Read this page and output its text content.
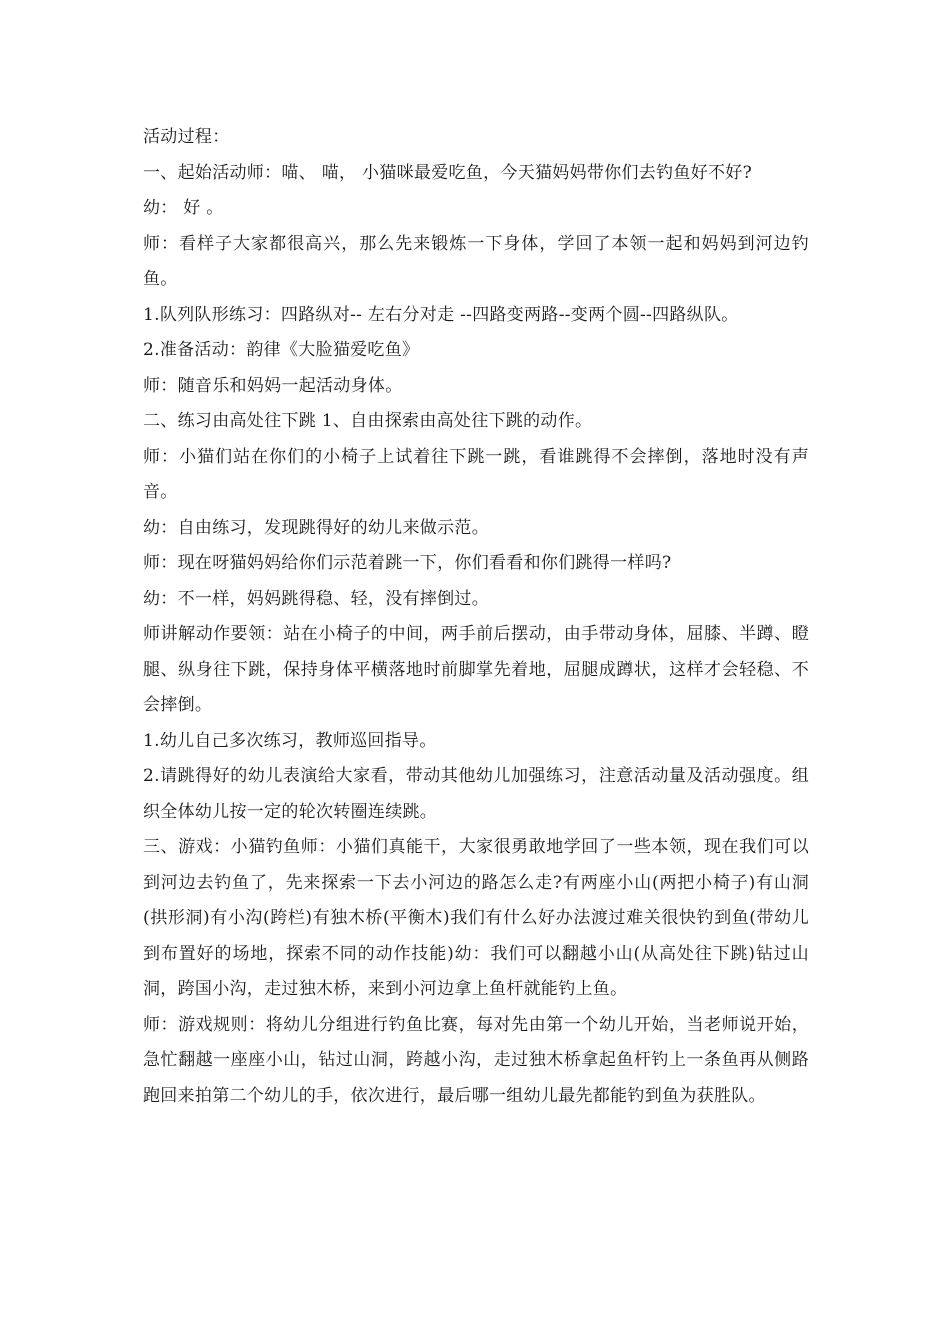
活动过程：

一、起始活动师：喵、 喵， 小猫咪最爱吃鱼，今天猫妈妈带你们去钓鱼好不好?

幼： 好 。

师：看样子大家都很高兴，那么先来锻炼一下身体，学回了本领一起和妈妈到河边钓鱼。

1.队列队形练习：四路纵对-- 左右分对走 --四路变两路--变两个圆--四路纵队。

2.准备活动：韵律《大脸猫爱吃鱼》

师：随音乐和妈妈一起活动身体。

二、练习由高处往下跳 1、自由探索由高处往下跳的动作。

师：小猫们站在你们的小椅子上试着往下跳一跳，看谁跳得不会摔倒，落地时没有声音。

幼：自由练习，发现跳得好的幼儿来做示范。

师：现在呀猫妈妈给你们示范着跳一下，你们看看和你们跳得一样吗?

幼：不一样，妈妈跳得稳、轻，没有摔倒过。

师讲解动作要领：站在小椅子的中间，两手前后摆动，由手带动身体，屈膝、半蹲、瞪腿、纵身往下跳，保持身体平横落地时前脚掌先着地，屈腿成蹲状，这样才会轻稳、不会摔倒。

1.幼儿自己多次练习，教师巡回指导。

2.请跳得好的幼儿表演给大家看，带动其他幼儿加强练习，注意活动量及活动强度。组织全体幼儿按一定的轮次转圈连续跳。

三、游戏：小猫钓鱼师：小猫们真能干，大家很勇敢地学回了一些本领，现在我们可以到河边去钓鱼了，先来探索一下去小河边的路怎么走?有两座小山(两把小椅子)有山洞(拱形洞)有小沟(跨栏)有独木桥(平衡木)我们有什么好办法渡过难关很快钓到鱼(带幼儿到布置好的场地，探索不同的动作技能)幼：我们可以翻越小山(从高处往下跳)钻过山洞，跨国小沟，走过独木桥，来到小河边拿上鱼杆就能钓上鱼。

师：游戏规则：将幼儿分组进行钓鱼比赛，每对先由第一个幼儿开始，当老师说开始，急忙翻越一座座小山，钻过山洞，跨越小沟，走过独木桥拿起鱼杆钓上一条鱼再从侧路跑回来拍第二个幼儿的手，依次进行，最后哪一组幼儿最先都能钓到鱼为获胜队。
